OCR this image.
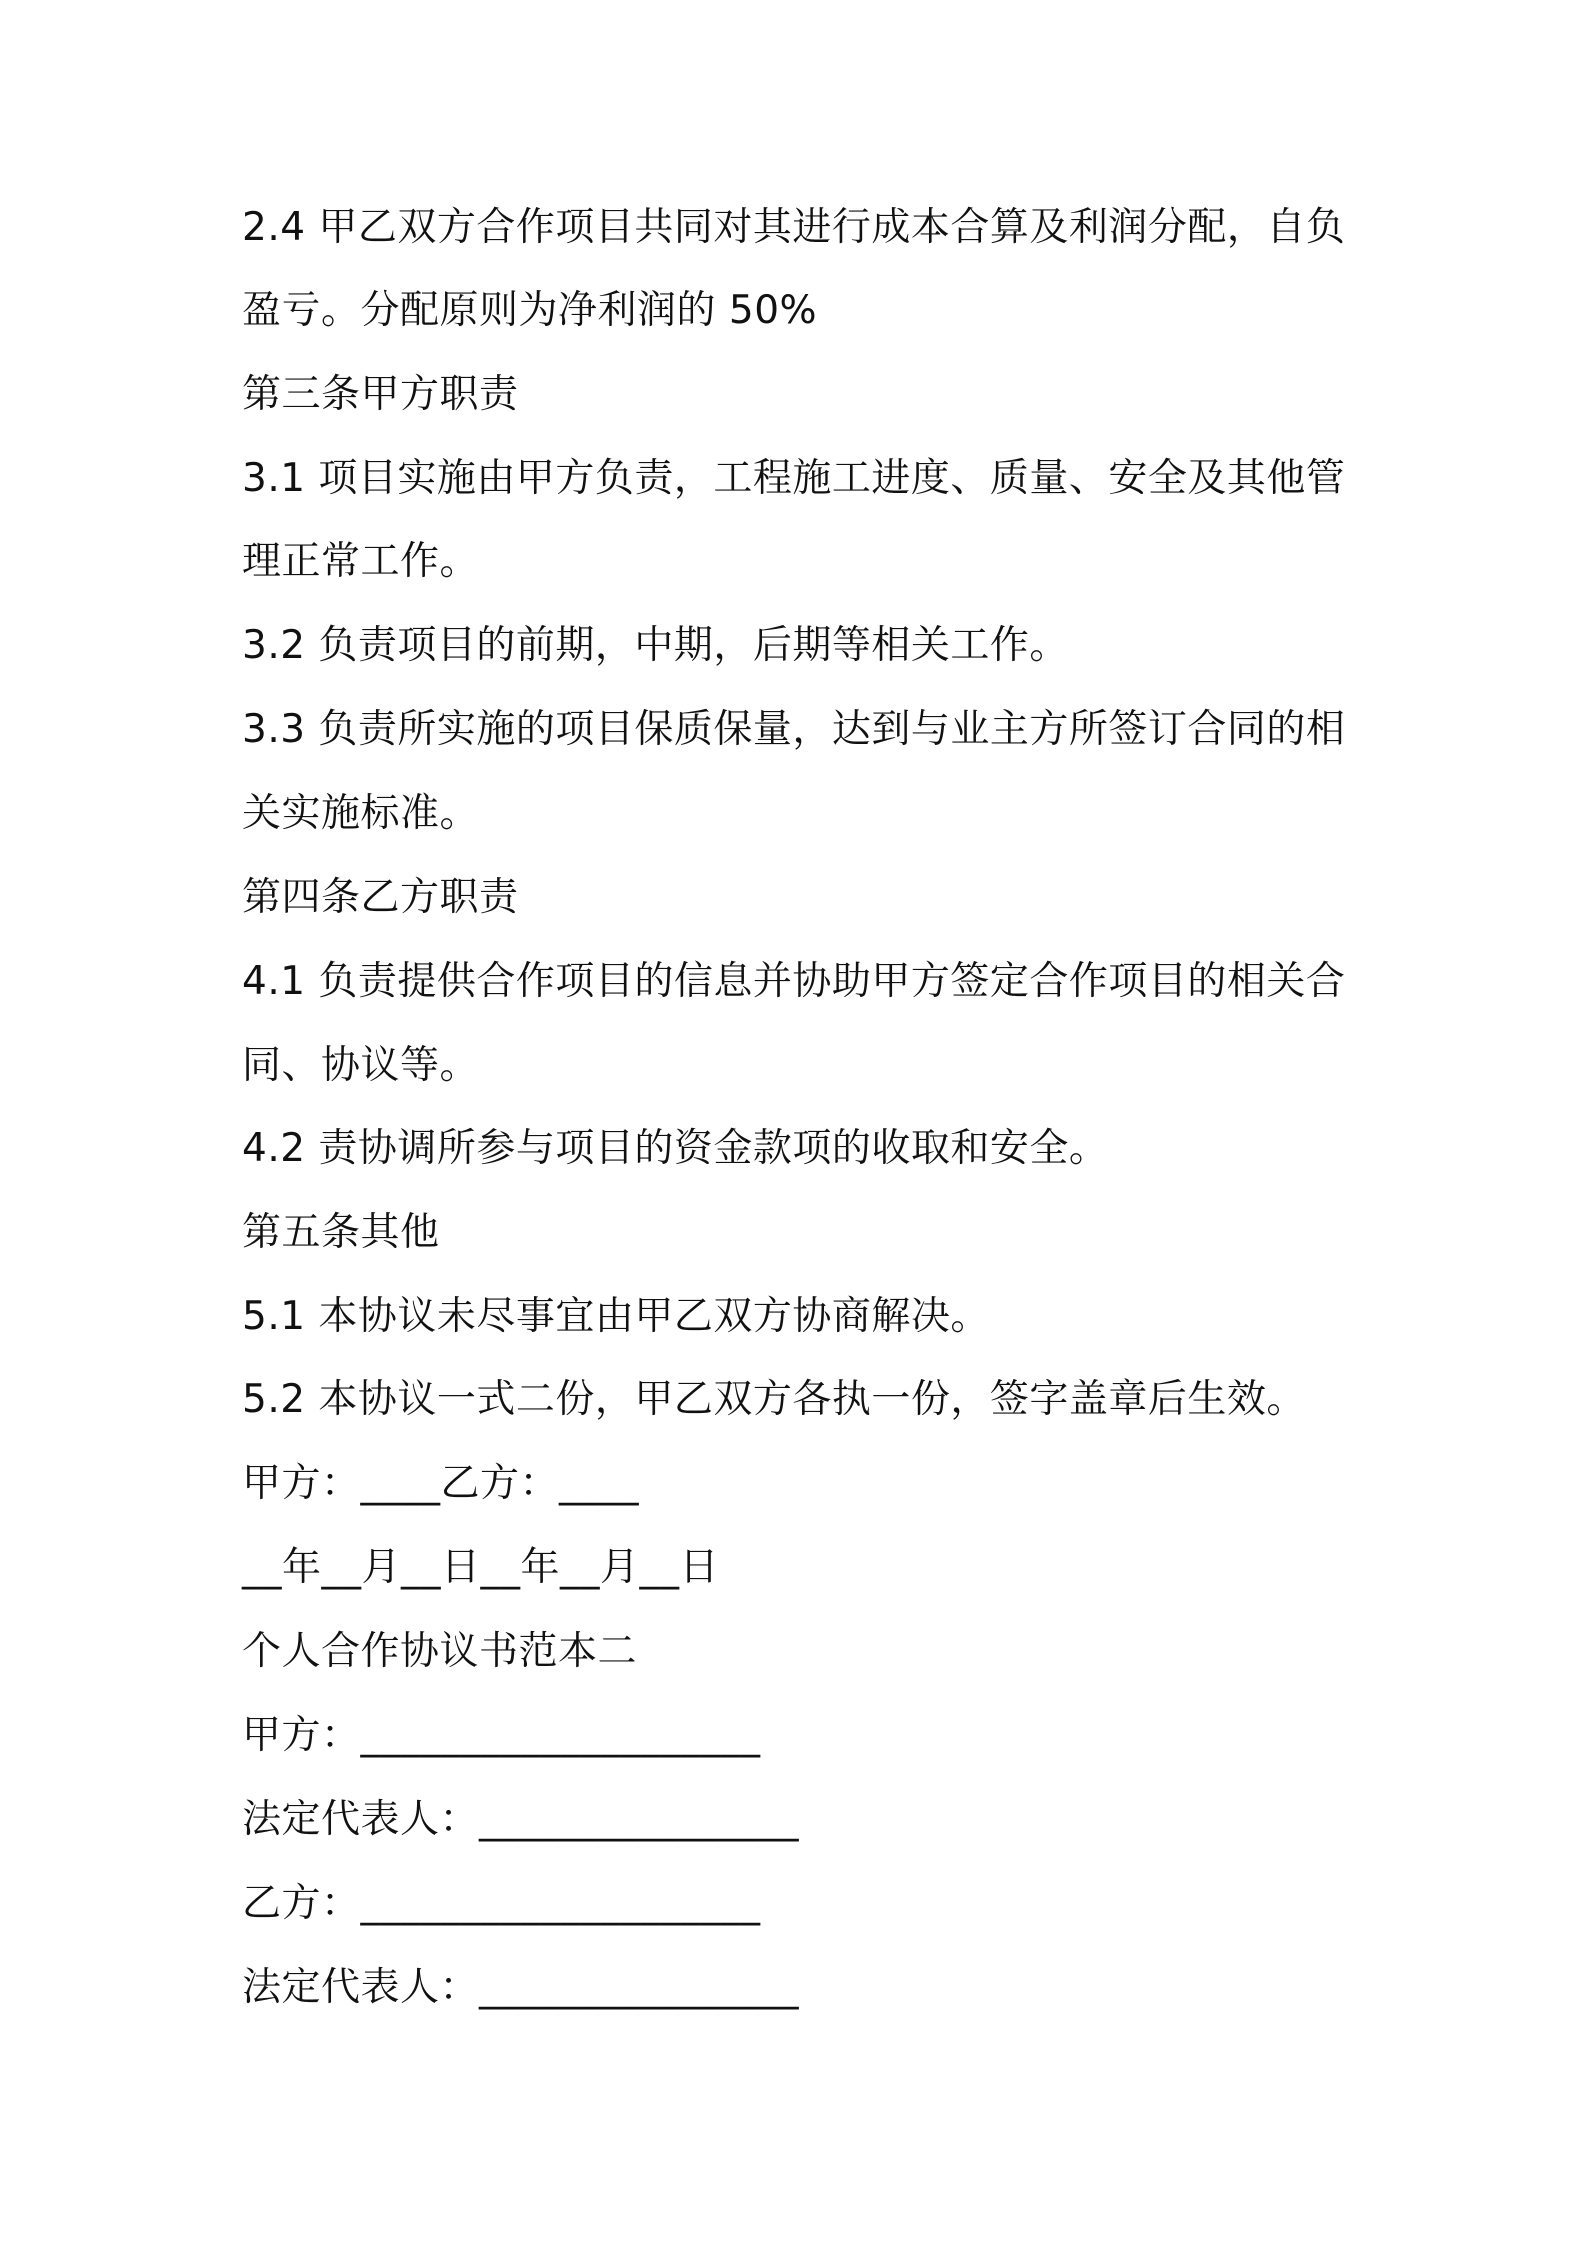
2.4 甲乙双方合作项目共同对其进行成本合算及利润分配，自负

盈亏。分配原则为净利润的 50%

第三条甲方职责

3.1 项目实施由甲方负责，工程施工进度、质量、安全及其他管

理正常工作。

3.2 负责项目的前期，中期，后期等相关工作。

3.3 负责所实施的项目保质保量，达到与业主方所签订合同的相

关实施标准。

第四条乙方职责

4.1 负责提供合作项目的信息并协助甲方签定合作项目的相关合

同、协议等。

4.2 责协调所参与项目的资金款项的收取和安全。

第五条其他

5.1 本协议未尽事宜由甲乙双方协商解决。

5.2 本协议一式二份，甲乙双方各执一份，签字盖章后生效。

甲方：____乙方：____

__年__月__日__年__月__日

个人合作协议书范本二

甲方：____________________

法定代表人：________________

乙方：____________________

法定代表人：________________
